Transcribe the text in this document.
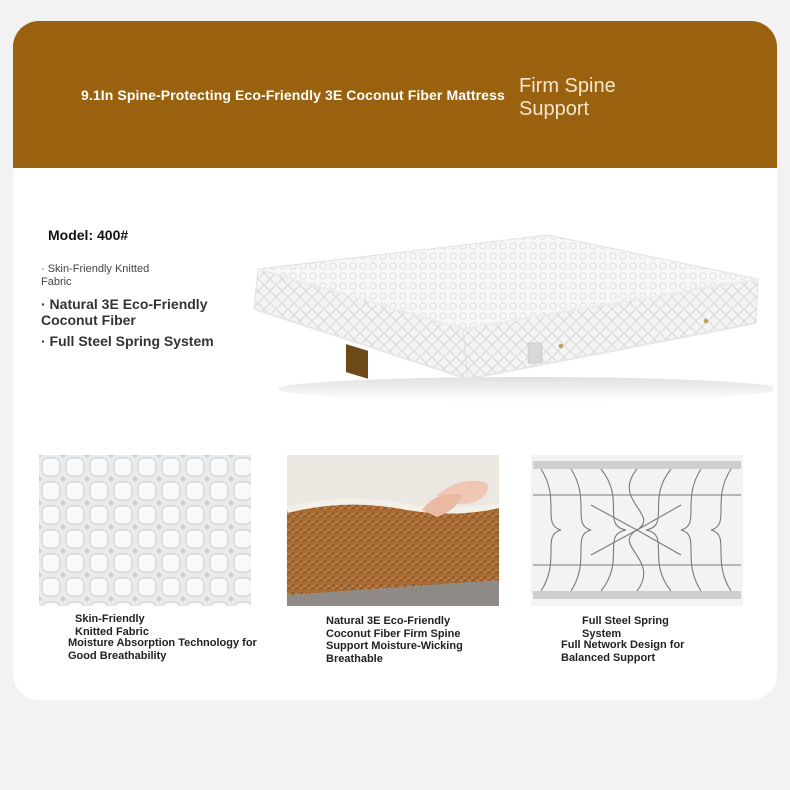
9.1In Spine-Protecting Eco-Friendly 3E Coconut Fiber Mattress Firm Spine Support
Model: 400#
· Skin-Friendly Knitted Fabric
· Natural 3E Eco-Friendly Coconut Fiber
· Full Steel Spring System
Skin-Friendly Knitted Fabric
Moisture Absorption Technology for Good Breathability
Natural 3E Eco-Friendly Coconut Fiber Firm Spine Support Moisture-Wicking Breathable
Full Steel Spring System
Full Network Design for Balanced Support
